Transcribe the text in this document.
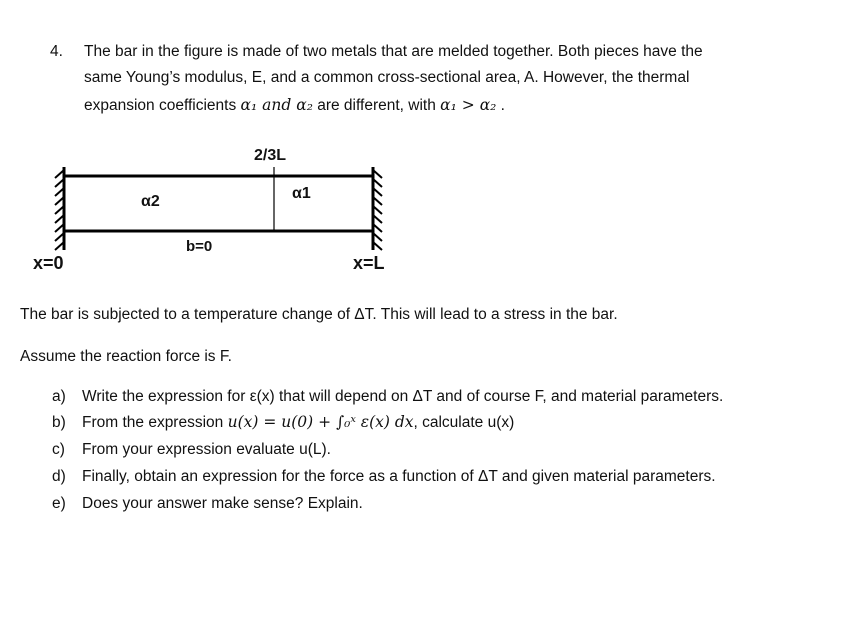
4. The bar in the figure is made of two metals that are melded together. Both pieces have the
same Young’s modulus, E, and a common cross-sectional area, A. However, the thermal
expansion coefficients α₁ and α₂ are different, with α₁ > α₂ .
2/3L
α2	α1
b=0
x=0	x=L
The bar is subjected to a temperature change of ΔT. This will lead to a stress in the bar.
Assume the reaction force is F.
a) Write the expression for ε(x) that will depend on ΔT and of course F, and material parameters.
b) From the expression u(x) = u(0) + ∫₀ˣ ε(x) dx, calculate u(x)
c) From your expression evaluate u(L).
d) Finally, obtain an expression for the force as a function of ΔT and given material parameters.
e) Does your answer make sense? Explain.
